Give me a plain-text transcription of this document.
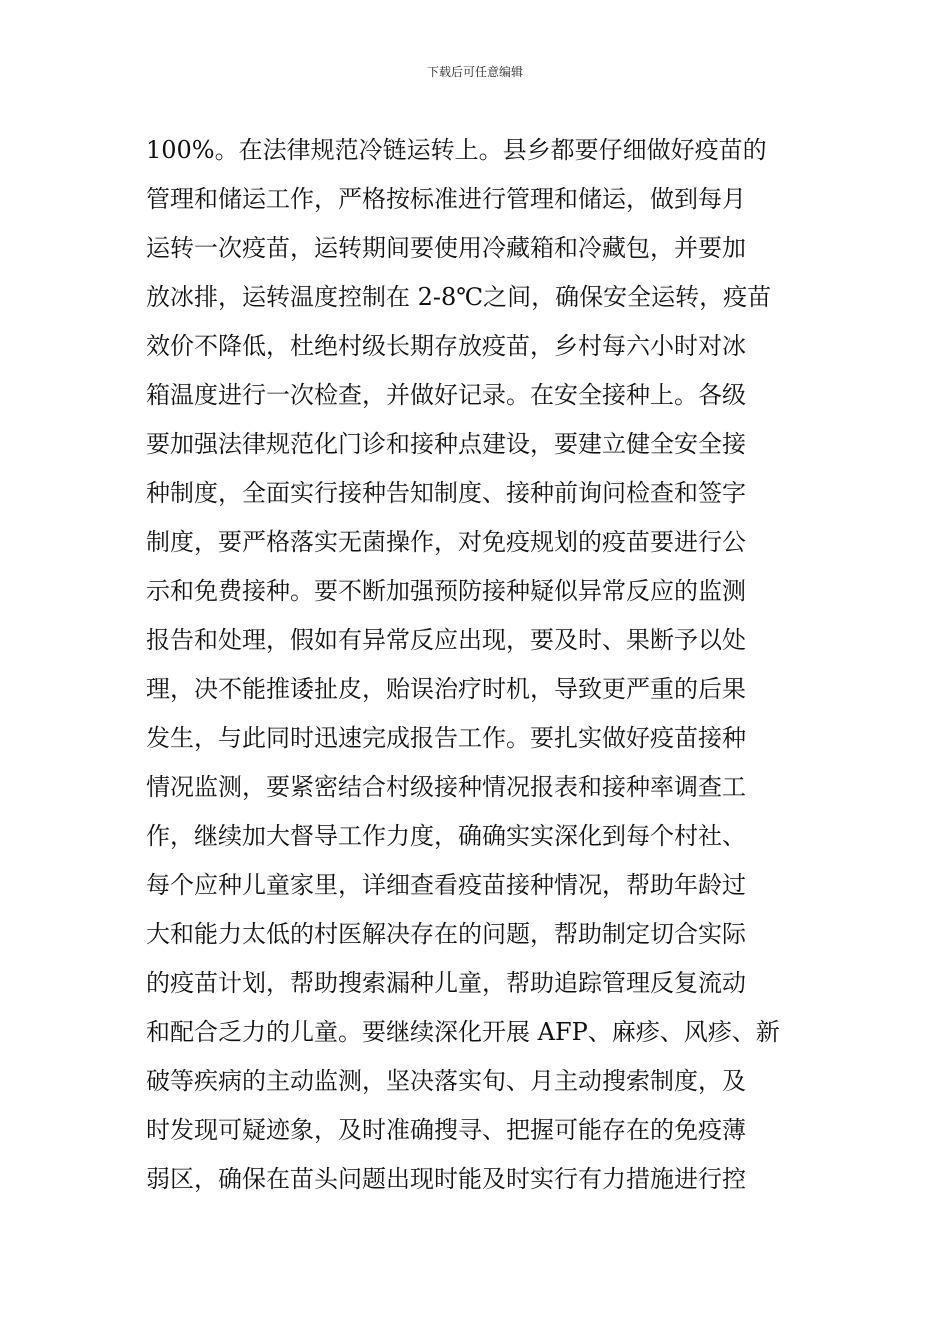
下载后可任意编辑
100%。在法律规范冷链运转上。县乡都要仔细做好疫苗的
管理和储运工作，严格按标准进行管理和储运，做到每月
运转一次疫苗，运转期间要使用冷藏箱和冷藏包，并要加
放冰排，运转温度控制在 2-8℃之间，确保安全运转，疫苗
效价不降低，杜绝村级长期存放疫苗，乡村每六小时对冰
箱温度进行一次检查，并做好记录。在安全接种上。各级
要加强法律规范化门诊和接种点建设，要建立健全安全接
种制度，全面实行接种告知制度、接种前询问检查和签字
制度，要严格落实无菌操作，对免疫规划的疫苗要进行公
示和免费接种。要不断加强预防接种疑似异常反应的监测
报告和处理，假如有异常反应出现，要及时、果断予以处
理，决不能推诿扯皮，贻误治疗时机，导致更严重的后果
发生，与此同时迅速完成报告工作。要扎实做好疫苗接种
情况监测，要紧密结合村级接种情况报表和接种率调查工
作，继续加大督导工作力度，确确实实深化到每个村社、
每个应种儿童家里，详细查看疫苗接种情况，帮助年龄过
大和能力太低的村医解决存在的问题，帮助制定切合实际
的疫苗计划，帮助搜索漏种儿童，帮助追踪管理反复流动
和配合乏力的儿童。要继续深化开展 AFP、麻疹、风疹、新
破等疾病的主动监测，坚决落实旬、月主动搜索制度，及
时发现可疑迹象，及时准确搜寻、把握可能存在的免疫薄
弱区，确保在苗头问题出现时能及时实行有力措施进行控
